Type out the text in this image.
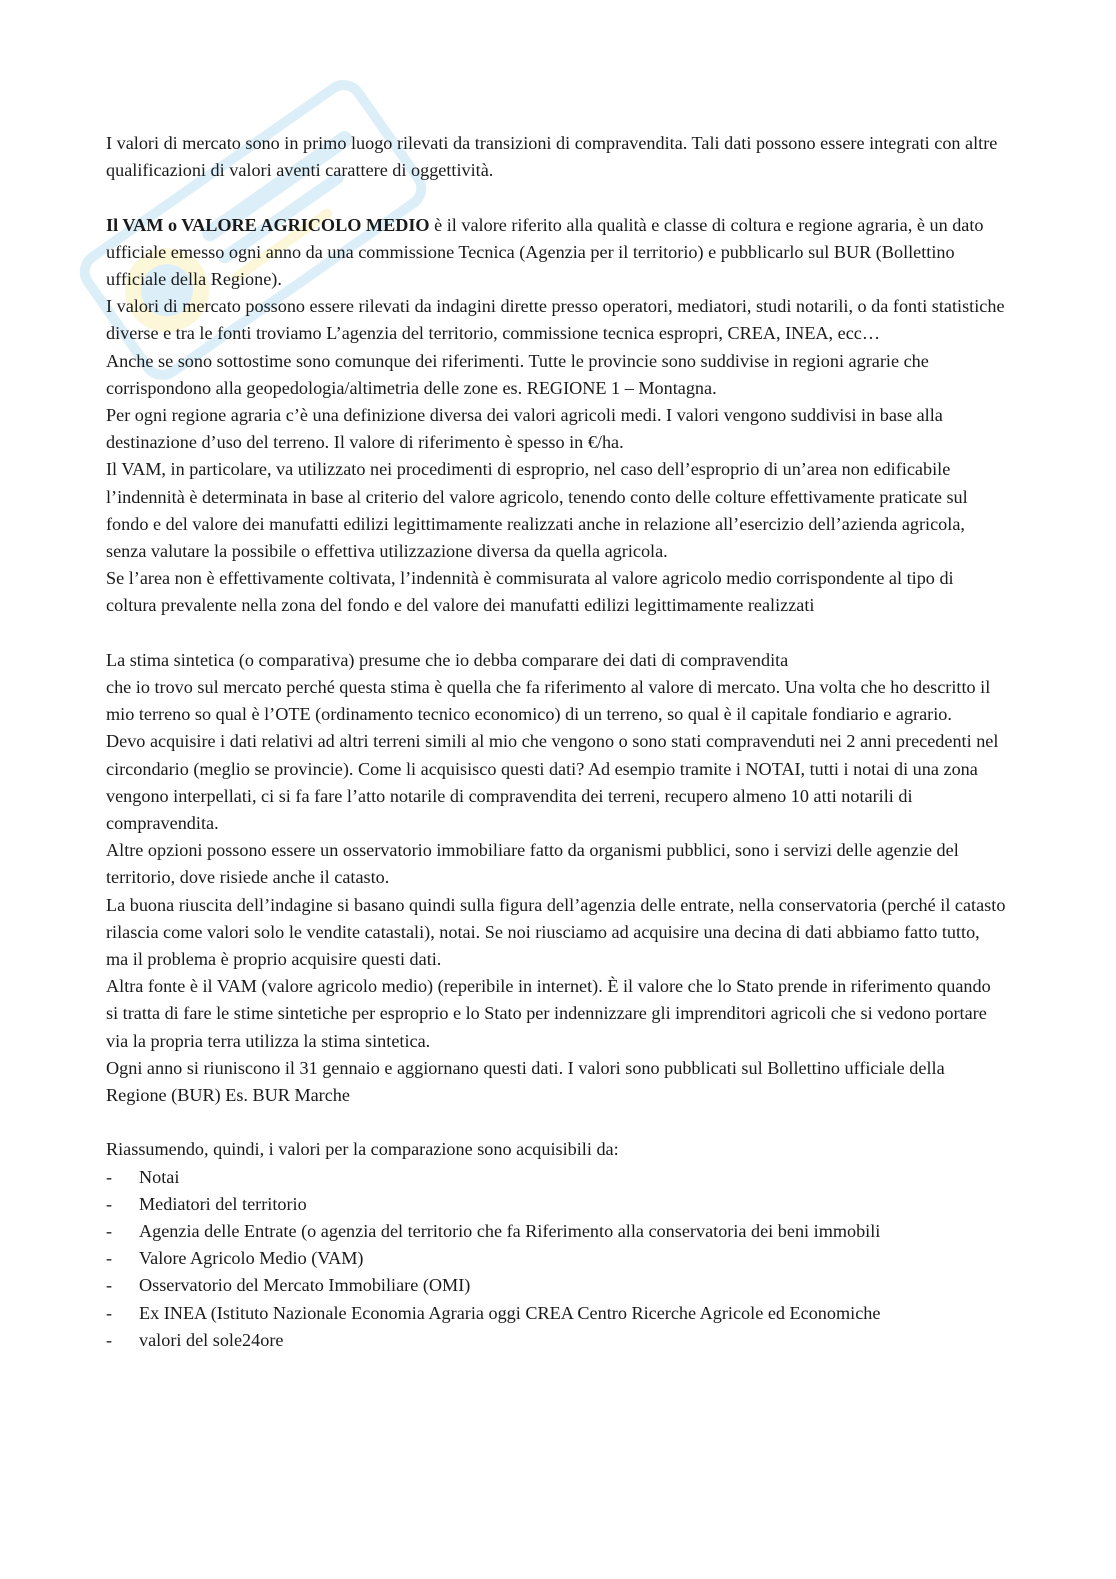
I valori di mercato sono in primo luogo rilevati da transizioni di compravendita. Tali dati possono essere integrati con altre qualificazioni di valori aventi carattere di oggettività.

Il VAM o VALORE AGRICOLO MEDIO è il valore riferito alla qualità e classe di coltura e regione agraria, è un dato ufficiale emesso ogni anno da una commissione Tecnica (Agenzia per il territorio) e pubblicarlo sul BUR (Bollettino ufficiale della Regione).

I valori di mercato possono essere rilevati da indagini dirette presso operatori, mediatori, studi notarili, o da fonti statistiche diverse e tra le fonti troviamo L’agenzia del territorio, commissione tecnica espropri, CREA, INEA, ecc…

Anche se sono sottostime sono comunque dei riferimenti. Tutte le provincie sono suddivise in regioni agrarie che corrispondono alla geopedologia/altimetria delle zone es. REGIONE 1 – Montagna.

Per ogni regione agraria c’è una definizione diversa dei valori agricoli medi. I valori vengono suddivisi in base alla destinazione d’uso del terreno. Il valore di riferimento è spesso in €/ha.

Il VAM, in particolare, va utilizzato nei procedimenti di esproprio, nel caso dell’esproprio di un’area non edificabile l’indennità è determinata in base al criterio del valore agricolo, tenendo conto delle colture effettivamente praticate sul fondo e del valore dei manufatti edilizi legittimamente realizzati anche in relazione all’esercizio dell’azienda agricola, senza valutare la possibile o effettiva utilizzazione diversa da quella agricola.

Se l’area non è effettivamente coltivata, l’indennità è commisurata al valore agricolo medio corrispondente al tipo di coltura prevalente nella zona del fondo e del valore dei manufatti edilizi legittimamente realizzati

La stima sintetica (o comparativa) presume che io debba comparare dei dati di compravendita

che io trovo sul mercato perché questa stima è quella che fa riferimento al valore di mercato. Una volta che ho descritto il mio terreno so qual è l’OTE (ordinamento tecnico economico) di un terreno, so qual è il capitale fondiario e agrario.

Devo acquisire i dati relativi ad altri terreni simili al mio che vengono o sono stati compravenduti nei 2 anni precedenti nel circondario (meglio se provincie). Come li acquisisco questi dati? Ad esempio tramite i NOTAI, tutti i notai di una zona vengono interpellati, ci si fa fare l’atto notarile di compravendita dei terreni, recupero almeno 10 atti notarili di compravendita.

Altre opzioni possono essere un osservatorio immobiliare fatto da organismi pubblici, sono i servizi delle agenzie del territorio, dove risiede anche il catasto.

La buona riuscita dell’indagine si basano quindi sulla figura dell’agenzia delle entrate, nella conservatoria (perché il catasto rilascia come valori solo le vendite catastali), notai. Se noi riusciamo ad acquisire una decina di dati abbiamo fatto tutto, ma il problema è proprio acquisire questi dati.

Altra fonte è il VAM (valore agricolo medio) (reperibile in internet). È il valore che lo Stato prende in riferimento quando si tratta di fare le stime sintetiche per esproprio e lo Stato per indennizzare gli imprenditori agricoli che si vedono portare via la propria terra utilizza la stima sintetica.

Ogni anno si riuniscono il 31 gennaio e aggiornano questi dati. I valori sono pubblicati sul Bollettino ufficiale della Regione (BUR) Es. BUR Marche

Riassumendo, quindi, i valori per la comparazione sono acquisibili da:

- Notai
- Mediatori del territorio
- Agenzia delle Entrate (o agenzia del territorio che fa Riferimento alla conservatoria dei beni immobili
- Valore Agricolo Medio (VAM)
- Osservatorio del Mercato Immobiliare (OMI)
- Ex INEA (Istituto Nazionale Economia Agraria oggi CREA Centro Ricerche Agricole ed Economiche
- valori del sole24ore
